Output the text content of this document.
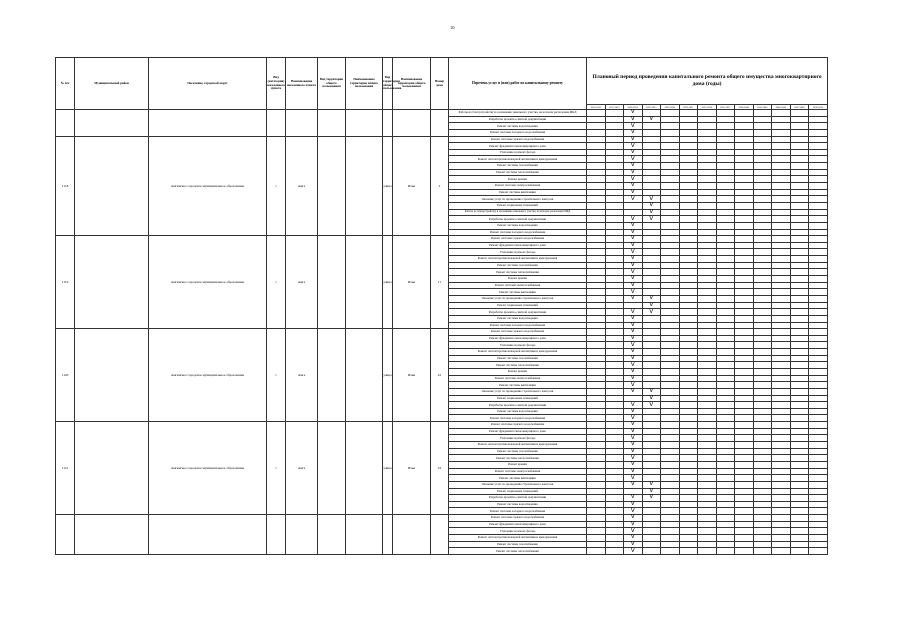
20
№ п/п	Муниципальный район	Поселение, городской округ	Вид (категория) населенного пункта	Наименование населенного пункта	Вид территории общего пользования	Наименование территории общего пользования	Вид территории общего пользования	Наименование территории общего пользования	Номер дома	Перечень услуг и (или) работ по капитальному ремонту	Плановый период проведения капитального ремонта общего имущества многоквартирного дома (годы)												
											2014-2016	2017-2019	2020-2022	2023-2025	2026-2028	2029-2031	2032-2034	2035-2037	2038-2040	2041-2043	2044-2046	2047-2049	2050-2052
										Работы по благоустройству и озеленению земельного участка, на котором расположен МКД			V										
										Разработка проектно-сметной документации			V	V									
										Ремонт системы водоотведения			V										
										Ремонт системы холодного водоснабжения			V										
1118		Амгинское городское муниципальное образование	с	Амга			улица	Ильи	2	Ремонт системы горячего водоснабжения			V										
										Ремонт фундамента многоквартирного дома			V										
										Утепление и ремонт фасада			V										
										Ремонт систем противопожарной автоматики и дымоудаления			V										
										Ремонт системы газоснабжения			V										
										Ремонт системы теплоснабжения			V										
										Ремонт крыши			V										
										Ремонт системы электроснабжения			V										
										Ремонт системы вентиляции			V										
										Оказание услуг по проведению строительного контроля			V	V									
										Ремонт подвальных помещений				V									
										Работы по благоустройству и озеленению земельного участка, на котором расположен МКД				V									
										Разработка проектно-сметной документации			V	V									
										Ремонт системы водоотведения			V										
										Ремонт системы холодного водоснабжения			V										
1119		Амгинское городское муниципальное образование	с	Амга			улица	Ильи	11	Ремонт системы горячего водоснабжения			V										
										Ремонт фундамента многоквартирного дома			V										
										Утепление и ремонт фасада			V										
										Ремонт систем противопожарной автоматики и дымоудаления			V										
										Ремонт системы газоснабжения			V										
										Ремонт системы теплоснабжения			V										
										Ремонт крыши			V										
										Ремонт системы электроснабжения			V										
										Ремонт системы вентиляции			V										
										Оказание услуг по проведению строительного контроля			V	V									
										Ремонт подвальных помещений				V									
										Разработка проектно-сметной документации			V	V									
										Ремонт системы водоотведения			V										
										Ремонт системы холодного водоснабжения			V										
1120		Амгинское городское муниципальное образование	с	Амга			улица	Ильи	22	Ремонт системы горячего водоснабжения			V										
										Ремонт фундамента многоквартирного дома			V										
										Утепление и ремонт фасада			V										
										Ремонт систем противопожарной автоматики и дымоудаления			V										
										Ремонт системы газоснабжения			V										
										Ремонт системы теплоснабжения			V										
										Ремонт крыши			V										
										Ремонт системы электроснабжения			V										
										Ремонт системы вентиляции			V										
										Оказание услуг по проведению строительного контроля			V	V									
										Ремонт подвальных помещений				V									
										Разработка проектно-сметной документации			V	V									
										Ремонт системы водоотведения			V										
										Ремонт системы холодного водоснабжения			V										
1121		Амгинское городское муниципальное образование	с	Амга			улица	Ильи	19	Ремонт системы горячего водоснабжения			V										
										Ремонт фундамента многоквартирного дома			V										
										Утепление и ремонт фасада			V										
										Ремонт систем противопожарной автоматики и дымоудаления			V										
										Ремонт системы газоснабжения			V										
										Ремонт системы теплоснабжения			V										
										Ремонт крыши			V										
										Ремонт системы электроснабжения			V										
										Ремонт системы вентиляции			V										
										Оказание услуг по проведению строительного контроля			V	V									
										Ремонт подвальных помещений				V									
										Разработка проектно-сметной документации			V	V									
										Ремонт системы водоотведения			V										
										Ремонт системы холодного водоснабжения			V										
										Ремонт системы горячего водоснабжения			V										
										Ремонт фундамента многоквартирного дома			V										
										Утепление и ремонт фасада			V										
										Ремонт систем противопожарной автоматики и дымоудаления			V										
										Ремонт системы газоснабжения			V										
										Ремонт системы теплоснабжения			V										
